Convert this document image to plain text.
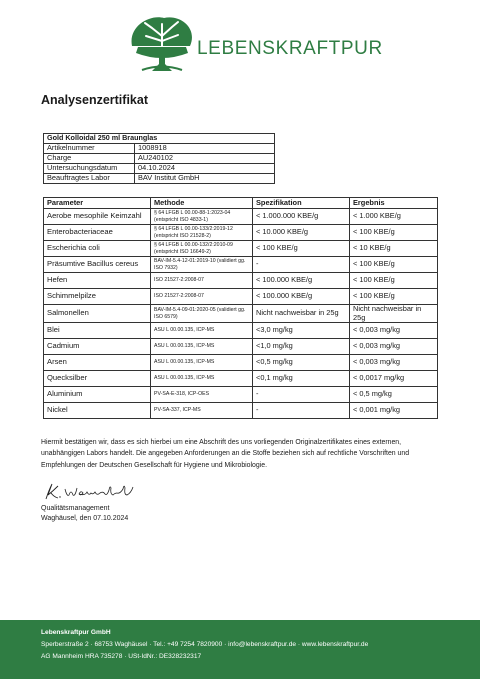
LEBENSKRAFTPUR
Analysenzertifikat
Gold Kolloidal 250 ml Braunglas	
Artikelnummer	1008918
Charge	AU240102
Untersuchungsdatum	04.10.2024
Beauftragtes Labor	BAV Institut GmbH
Parameter	Methode	Spezifikation	Ergebnis
Aerobe mesophile Keimzahl	§ 64 LFGB L 00.00-88-1:2023-04 (entspricht ISO 4833-1)	< 1.000.000 KBE/g	< 1.000 KBE/g
Enterobacteriaceae	§ 64 LFGB L 00.00-133/2:2019-12 (entspricht ISO 21528-2)	< 10.000 KBE/g	< 100 KBE/g
Escherichia coli	§ 64 LFGB L 00.00-132/2:2010-09 (entspricht ISO 16649-2)	< 100 KBE/g	< 10 KBE/g
Präsumtive Bacillus cereus	BAV-IM-5.4-12-01:2019-10 (validiert gg. ISO 7932)	-	< 100 KBE/g
Hefen	ISO 21527-2:2008-07	< 100.000 KBE/g	< 100 KBE/g
Schimmelpilze	ISO 21527-2:2008-07	< 100.000 KBE/g	< 100 KBE/g
Salmonellen	BAV-IM-5.4-09-01:2020-05 (validiert gg. ISO 6579)	Nicht nachweisbar in 25g	Nicht nachweisbar in 25g
Blei	ASU L 00.00.135, ICP-MS	<3,0 mg/kg	< 0,003 mg/kg
Cadmium	ASU L 00.00.135, ICP-MS	<1,0 mg/kg	< 0,003 mg/kg
Arsen	ASU L 00.00.135, ICP-MS	<0,5 mg/kg	< 0,003 mg/kg
Quecksilber	ASU L 00.00.135, ICP-MS	<0,1 mg/kg	< 0,0017 mg/kg
Aluminium	PV-SA-E-318, ICP-OES	-	< 0,5 mg/kg
Nickel	PV-SA-337, ICP-MS	-	< 0,001 mg/kg

Hiermit bestätigen wir, dass es sich hierbei um eine Abschrift des uns vorliegenden Originalzertifikates eines externen, unabhängigen Labors handelt. Die angegeben Anforderungen an die Stoffe beziehen sich auf rechtliche Vorschriften und Empfehlungen der Deutschen Gesellschaft für Hygiene und Mikrobiologie.

Qualitätsmanagement
Waghäusel, den 07.10.2024
Lebenskraftpur GmbH
Sperberstraße 2 · 68753 Waghäusel · Tel.: +49 7254 7820900 · info@lebenskraftpur.de · www.lebenskraftpur.de
AG Mannheim HRA 735278 · USt-IdNr.: DE328232317
